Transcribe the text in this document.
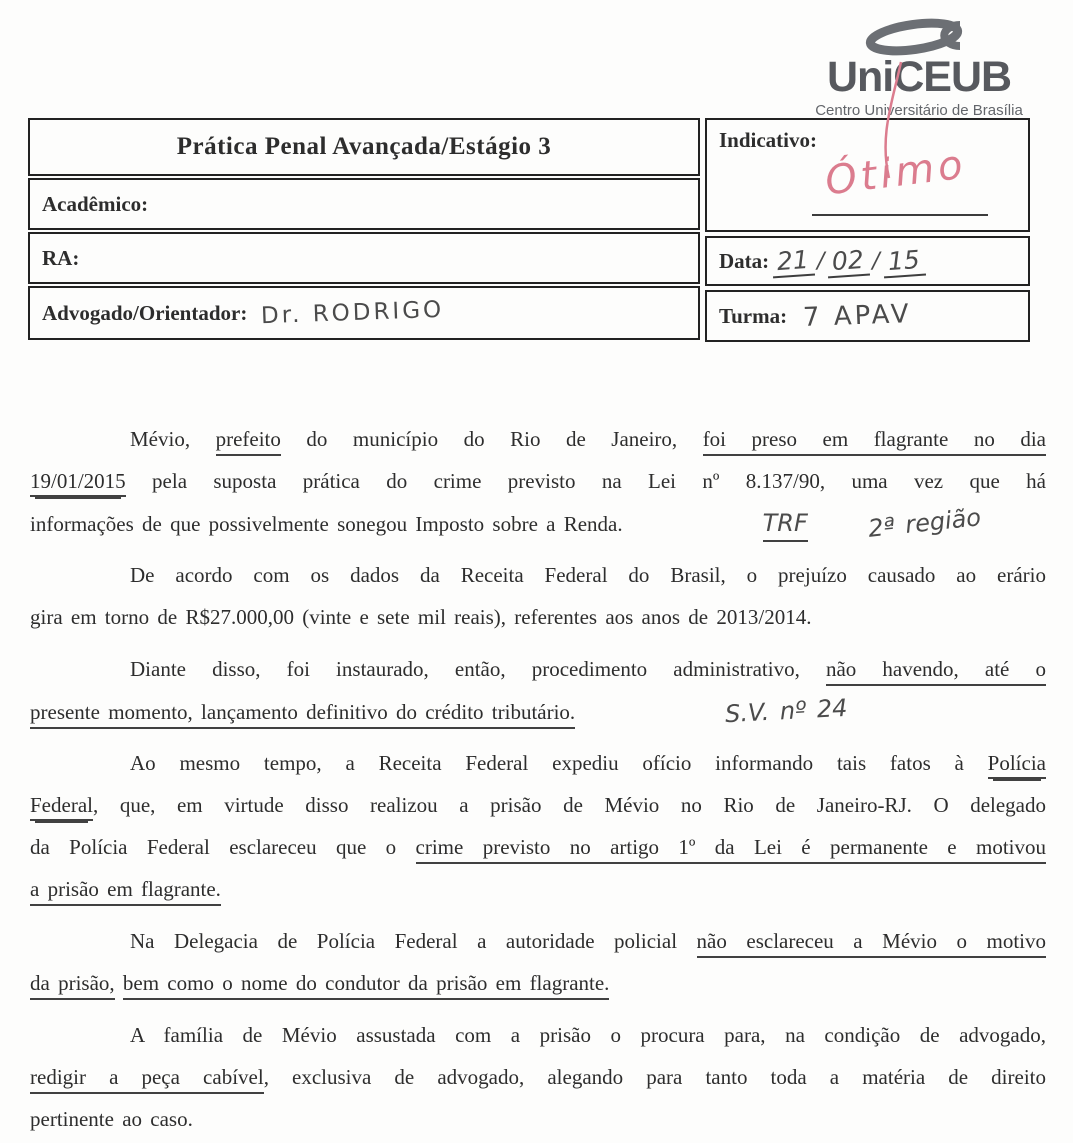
UniCEUB
Centro Universitário de Brasília
Prática Penal Avançada/Estágio 3
Acadêmico:
RA:
Advogado/Orientador: Dr. RODRIGO
Indicativo:
Ótimo
Data: 21 / 02 / 15
Turma: 7 APAV
Mévio, prefeito do município do Rio de Janeiro, foi preso em flagrante no dia
19/01/2015 pela suposta prática do crime previsto na Lei nº 8.137/90, uma vez que há
informações de que possivelmente sonegou Imposto sobre a Renda.	TRF 2ª região
De acordo com os dados da Receita Federal do Brasil, o prejuízo causado ao erário
gira em torno de R$27.000,00 (vinte e sete mil reais), referentes aos anos de 2013/2014.
Diante disso, foi instaurado, então, procedimento administrativo, não havendo, até o
presente momento, lançamento definitivo do crédito tributário.	S.V. nº 24
Ao mesmo tempo, a Receita Federal expediu ofício informando tais fatos à Polícia
Federal, que, em virtude disso realizou a prisão de Mévio no Rio de Janeiro-RJ. O delegado
da Polícia Federal esclareceu que o crime previsto no artigo 1º da Lei é permanente e motivou
a prisão em flagrante.
Na Delegacia de Polícia Federal a autoridade policial não esclareceu a Mévio o motivo
da prisão, bem como o nome do condutor da prisão em flagrante.
A família de Mévio assustada com a prisão o procura para, na condição de advogado,
redigir a peça cabível, exclusiva de advogado, alegando para tanto toda a matéria de direito
pertinente ao caso.
